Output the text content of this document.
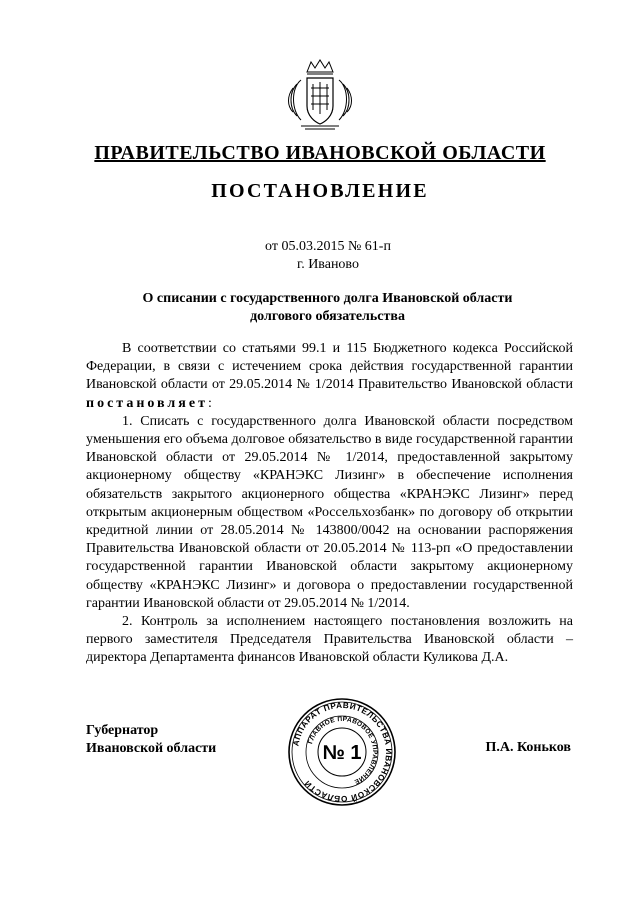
ПРАВИТЕЛЬСТВО ИВАНОВСКОЙ ОБЛАСТИ
ПОСТАНОВЛЕНИЕ
от 05.03.2015 № 61-п
г. Иваново
О списании с государственного долга Ивановской области
долгового обязательства

В соответствии со статьями 99.1 и 115 Бюджетного кодекса Российской Федерации, в связи с истечением срока действия государственной гарантии Ивановской области от 29.05.2014 № 1/2014 Правительство Ивановской области постановляет:

1. Списать с государственного долга Ивановской области посредством уменьшения его объема долговое обязательство в виде государственной гарантии Ивановской области от 29.05.2014 № 1/2014, предоставленной закрытому акционерному обществу «КРАНЭКС Лизинг» в обеспечение исполнения обязательств закрытого акционерного общества «КРАНЭКС Лизинг» перед открытым акционерным обществом «Россельхозбанк» по договору об открытии кредитной линии от 28.05.2014 № 143800/0042 на основании распоряжения Правительства Ивановской области от 20.05.2014 № 113-рп «О предоставлении государственной гарантии Ивановской области закрытому акционерному обществу «КРАНЭКС Лизинг» и договора о предоставлении государственной гарантии Ивановской области от 29.05.2014 № 1/2014.

2. Контроль за исполнением настоящего постановления возложить на первого заместителя Председателя Правительства Ивановской области – директора Департамента финансов Ивановской области Куликова Д.А.

Губернатор
Ивановской области	П.А. Коньков
АППАРАТ ПРАВИТЕЛЬСТВА ИВАНОВСКОЙ ОБЛАСТИ
ГЛАВНОЕ ПРАВОВОЕ УПРАВЛЕНИЕ
№ 1
